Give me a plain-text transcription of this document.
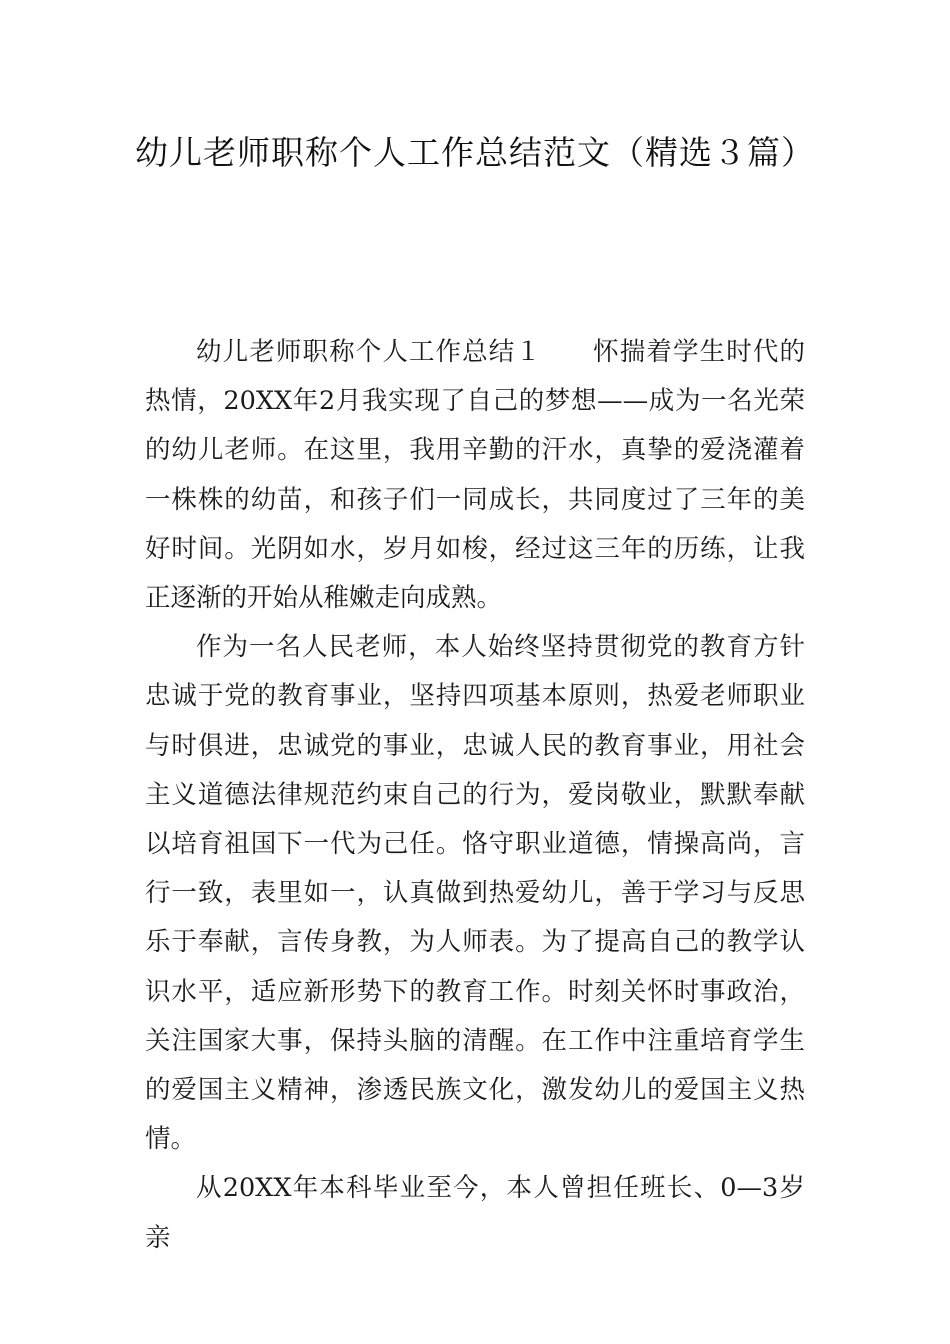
幼儿老师职称个人工作总结范文（精选３篇）

幼儿老师职称个人工作总结１ 怀揣着学生时代的热情，20XX年2月我实现了自己的梦想——成为一名光荣的幼儿老师。在这里，我用辛勤的汗水，真挚的爱浇灌着一株株的幼苗，和孩子们一同成长，共同度过了三年的美好时间。光阴如水，岁月如梭，经过这三年的历练，让我正逐渐的开始从稚嫩走向成熟。

作为一名人民老师，本人始终坚持贯彻党的教育方针忠诚于党的教育事业，坚持四项基本原则，热爱老师职业与时俱进，忠诚党的事业，忠诚人民的教育事业，用社会主义道德法律规范约束自己的行为，爱岗敬业，默默奉献以培育祖国下一代为己任。恪守职业道德，情操高尚，言行一致，表里如一，认真做到热爱幼儿，善于学习与反思乐于奉献，言传身教，为人师表。为了提高自己的教学认识水平，适应新形势下的教育工作。时刻关怀时事政治，关注国家大事，保持头脑的清醒。在工作中注重培育学生的爱国主义精神，渗透民族文化，激发幼儿的爱国主义热情。

从20XX年本科毕业至今，本人曾担任班长、0—3岁亲
